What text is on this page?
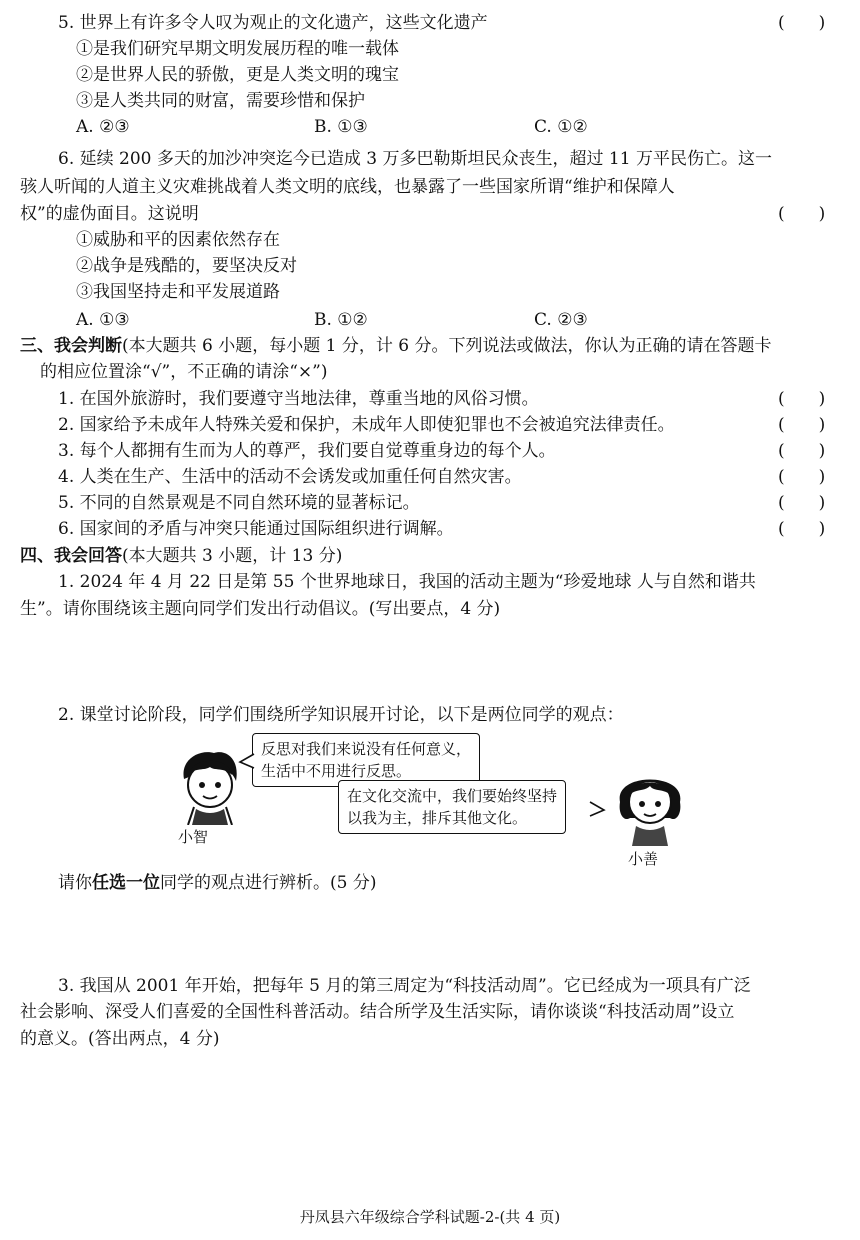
5. 世界上有许多令人叹为观止的文化遗产，这些文化遗产	(　　)
①是我们研究早期文明发展历程的唯一载体
②是世界人民的骄傲，更是人类文明的瑰宝
③是人类共同的财富，需要珍惜和保护
A. ②③	B. ①③	C. ①②
6. 延续 200 多天的加沙冲突迄今已造成 3 万多巴勒斯坦民众丧生，超过 11 万平民伤亡。这一
骇人听闻的人道主义灾难挑战着人类文明的底线，也暴露了一些国家所谓“维护和保障人
权”的虚伪面目。这说明	(　　)
①威胁和平的因素依然存在
②战争是残酷的，要坚决反对
③我国坚持走和平发展道路
A. ①③	B. ①②	C. ②③
三、我会判断(本大题共 6 小题，每小题 1 分，计 6 分。下列说法或做法，你认为正确的请在答题卡
的相应位置涂“√”，不正确的请涂“×”)
1. 在国外旅游时，我们要遵守当地法律，尊重当地的风俗习惯。	(　　)
2. 国家给予未成年人特殊关爱和保护，未成年人即使犯罪也不会被追究法律责任。	(　　)
3. 每个人都拥有生而为人的尊严，我们要自觉尊重身边的每个人。	(　　)
4. 人类在生产、生活中的活动不会诱发或加重任何自然灾害。	(　　)
5. 不同的自然景观是不同自然环境的显著标记。	(　　)
6. 国家间的矛盾与冲突只能通过国际组织进行调解。	(　　)
四、我会回答(本大题共 3 小题，计 13 分)
1. 2024 年 4 月 22 日是第 55 个世界地球日，我国的活动主题为“珍爱地球 人与自然和谐共
生”。请你围绕该主题向同学们发出行动倡议。(写出要点，4 分)
2. 课堂讨论阶段，同学们围绕所学知识展开讨论，以下是两位同学的观点：
小智
反思对我们来说没有任何意义，
生活中不用进行反思。
在文化交流中，我们要始终坚持
以我为主，排斥其他文化。
小善
请你任选一位同学的观点进行辨析。(5 分)
3. 我国从 2001 年开始，把每年 5 月的第三周定为“科技活动周”。它已经成为一项具有广泛
社会影响、深受人们喜爱的全国性科普活动。结合所学及生活实际，请你谈谈“科技活动周”设立
的意义。(答出两点，4 分)
丹凤县六年级综合学科试题-2-(共 4 页)
